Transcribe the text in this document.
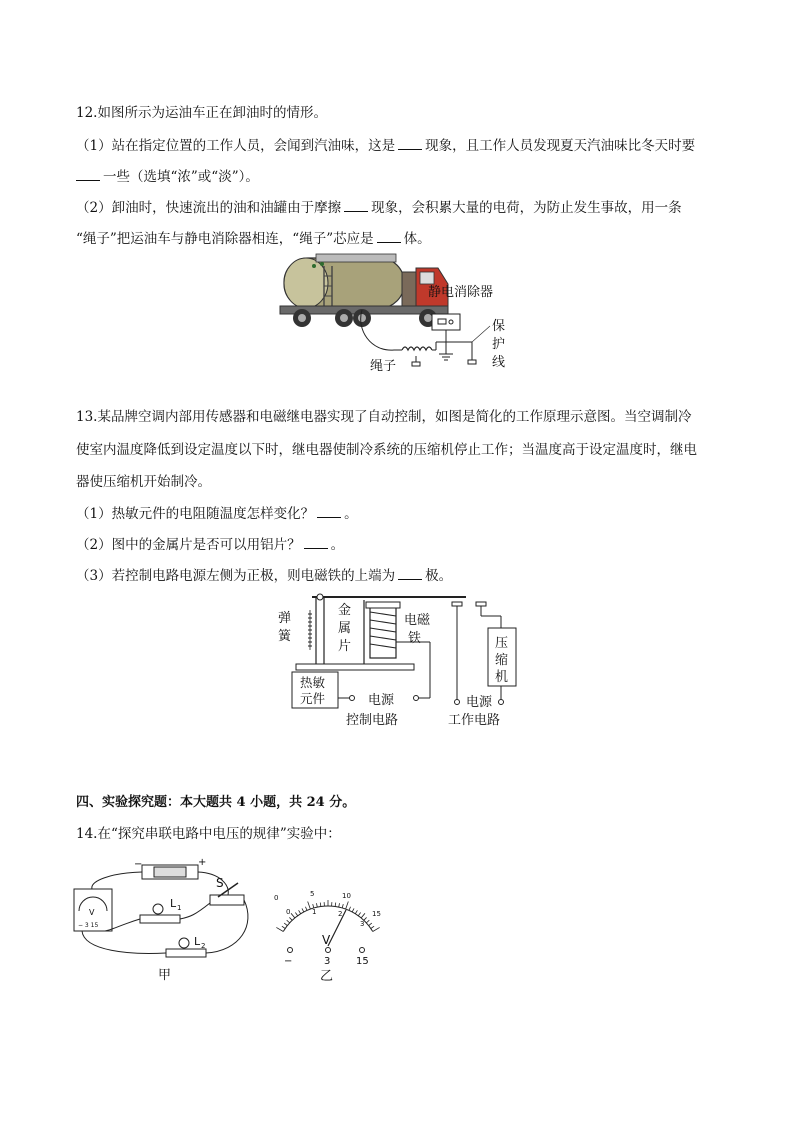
12.如图所示为运油车正在卸油时的情形。
（1）站在指定位置的工作人员，会闻到汽油味，这是 现象，且工作人员发现夏天汽油味比冬天时要
一些（选填“浓”或“淡”）。
（2）卸油时，快速流出的油和油罐由于摩擦 现象，会积累大量的电荷，为防止发生事故，用一条
“绳子”把运油车与静电消除器相连，“绳子”芯应是 体。
静电消除器
绳子
保
护
线
13.某品牌空调内部用传感器和电磁继电器实现了自动控制，如图是简化的工作原理示意图。当空调制冷
使室内温度降低到设定温度以下时，继电器使制冷系统的压缩机停止工作；当温度高于设定温度时，继电
器使压缩机开始制冷。
（1）热敏元件的电阻随温度怎样变化？ 。
（2）图中的金属片是否可以用铝片？ 。
（3）若控制电路电源左侧为正极，则电磁铁的上端为 极。
弹
簧
金
属
片
电磁
铁	压
缩
机
热敏
元件	电源	电源
控制电路	工作电路
四、实验探究题：本大题共 4 小题，共 24 分。
14.在“探究串联电路中电压的规律”实验中：
−	+
S
V
− 3 15
L 1
L 2
甲
0	5	10
15
0	1	2
3
V
−	3	15
乙
